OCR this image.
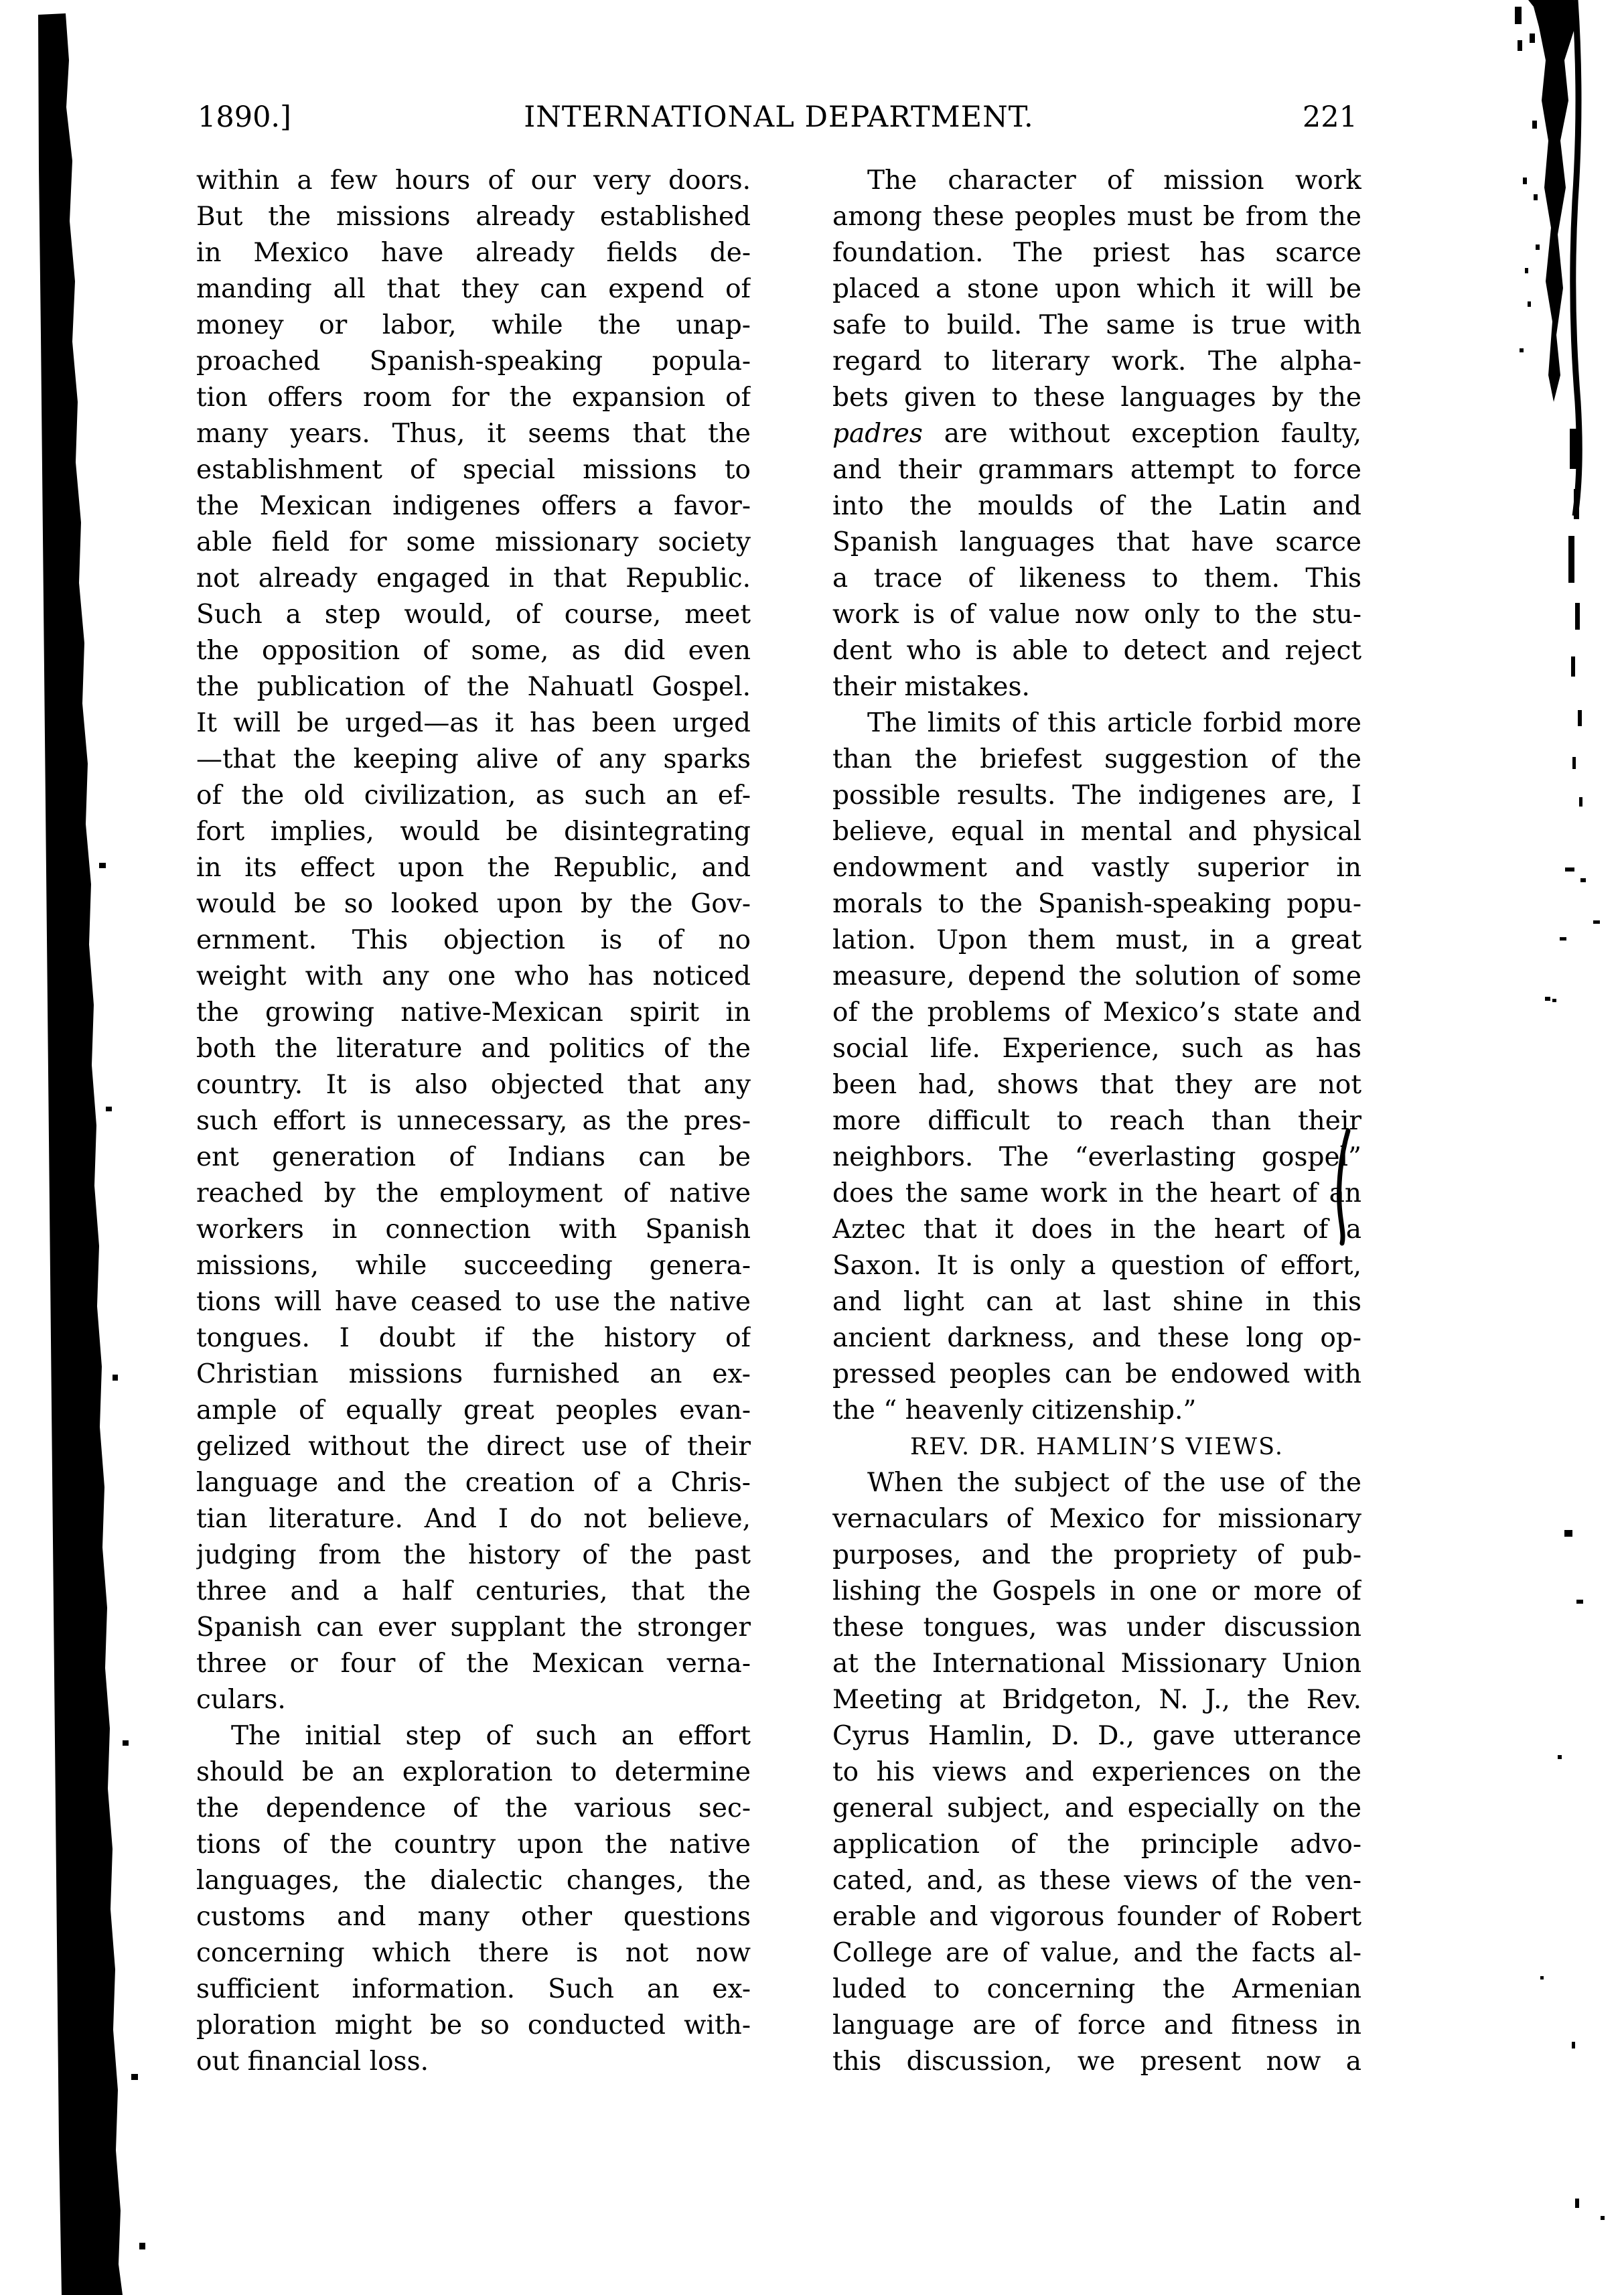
1890.]	INTERNATIONAL DEPARTMENT.	221
within a few hours of our very doors.
But the missions already established
in Mexico have already fields de-
manding all that they can expend of
money or labor, while the unap-
proached Spanish-speaking popula-
tion offers room for the expansion of
many years. Thus, it seems that the
establishment of special missions to
the Mexican indigenes offers a favor-
able field for some missionary society
not already engaged in that Republic.
Such a step would, of course, meet
the opposition of some, as did even
the publication of the Nahuatl Gospel.
It will be urged—as it has been urged
—that the keeping alive of any sparks
of the old civilization, as such an ef-
fort implies, would be disintegrating
in its effect upon the Republic, and
would be so looked upon by the Gov-
ernment. This objection is of no
weight with any one who has noticed
the growing native-Mexican spirit in
both the literature and politics of the
country. It is also objected that any
such effort is unnecessary, as the pres-
ent generation of Indians can be
reached by the employment of native
workers in connection with Spanish
missions, while succeeding genera-
tions will have ceased to use the native
tongues. I doubt if the history of
Christian missions furnished an ex-
ample of equally great peoples evan-
gelized without the direct use of their
language and the creation of a Chris-
tian literature. And I do not believe,
judging from the history of the past
three and a half centuries, that the
Spanish can ever supplant the stronger
three or four of the Mexican verna-
culars.
The initial step of such an effort
should be an exploration to determine
the dependence of the various sec-
tions of the country upon the native
languages, the dialectic changes, the
customs and many other questions
concerning which there is not now
sufficient information. Such an ex-
ploration might be so conducted with-
out financial loss.
The character of mission work
among these peoples must be from the
foundation. The priest has scarce
placed a stone upon which it will be
safe to build. The same is true with
regard to literary work. The alpha-
bets given to these languages by the
padres are without exception faulty,
and their grammars attempt to force
into the moulds of the Latin and
Spanish languages that have scarce
a trace of likeness to them. This
work is of value now only to the stu-
dent who is able to detect and reject
their mistakes.
The limits of this article forbid more
than the briefest suggestion of the
possible results. The indigenes are, I
believe, equal in mental and physical
endowment and vastly superior in
morals to the Spanish-speaking popu-
lation. Upon them must, in a great
measure, depend the solution of some
of the problems of Mexico’s state and
social life. Experience, such as has
been had, shows that they are not
more difficult to reach than their
neighbors. The “everlasting gospel”
does the same work in the heart of an
Aztec that it does in the heart of a
Saxon. It is only a question of effort,
and light can at last shine in this
ancient darkness, and these long op-
pressed peoples can be endowed with
the “ heavenly citizenship.”
REV. DR. HAMLIN’S VIEWS.
When the subject of the use of the
vernaculars of Mexico for missionary
purposes, and the propriety of pub-
lishing the Gospels in one or more of
these tongues, was under discussion
at the International Missionary Union
Meeting at Bridgeton, N. J., the Rev.
Cyrus Hamlin, D. D., gave utterance
to his views and experiences on the
general subject, and especially on the
application of the principle advo-
cated, and, as these views of the ven-
erable and vigorous founder of Robert
College are of value, and the facts al-
luded to concerning the Armenian
language are of force and fitness in
this discussion, we present now a
